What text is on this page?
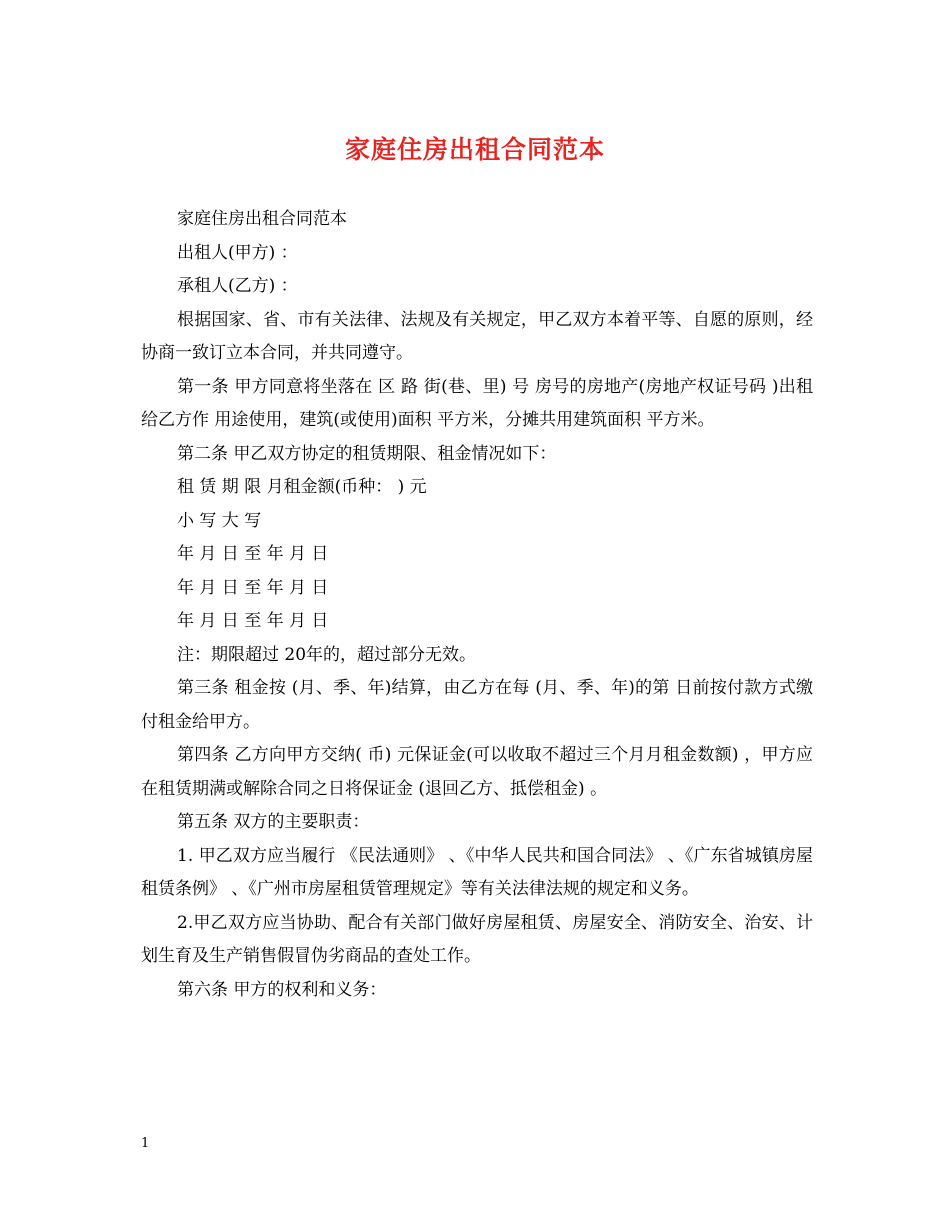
家庭住房出租合同范本

家庭住房出租合同范本

出租人(甲方) ：

承租人(乙方) ：

根据国家、省、市有关法律、法规及有关规定，甲乙双方本着平等、自愿的原则，经协商一致订立本合同，并共同遵守。

第一条 甲方同意将坐落在 区 路 街(巷、里) 号 房号的房地产(房地产权证号码 )出租给乙方作 用途使用，建筑(或使用)面积 平方米，分摊共用建筑面积 平方米。

第二条 甲乙双方协定的租赁期限、租金情况如下：

租 赁 期 限 月租金额(币种： ) 元

小 写 大 写

年 月 日 至 年 月 日

年 月 日 至 年 月 日

年 月 日 至 年 月 日

注：期限超过 20年的，超过部分无效。

第三条 租金按 (月、季、年)结算，由乙方在每 (月、季、年)的第 日前按付款方式缴付租金给甲方。

第四条 乙方向甲方交纳( 币) 元保证金(可以收取不超过三个月月租金数额) ，甲方应在租赁期满或解除合同之日将保证金 (退回乙方、抵偿租金) 。

第五条 双方的主要职责：

1. 甲乙双方应当履行 《民法通则》 、《中华人民共和国合同法》 、《广东省城镇房屋租赁条例》 、《广州市房屋租赁管理规定》等有关法律法规的规定和义务。

2.甲乙双方应当协助、配合有关部门做好房屋租赁、房屋安全、消防安全、治安、计划生育及生产销售假冒伪劣商品的查处工作。

第六条 甲方的权利和义务：

1
